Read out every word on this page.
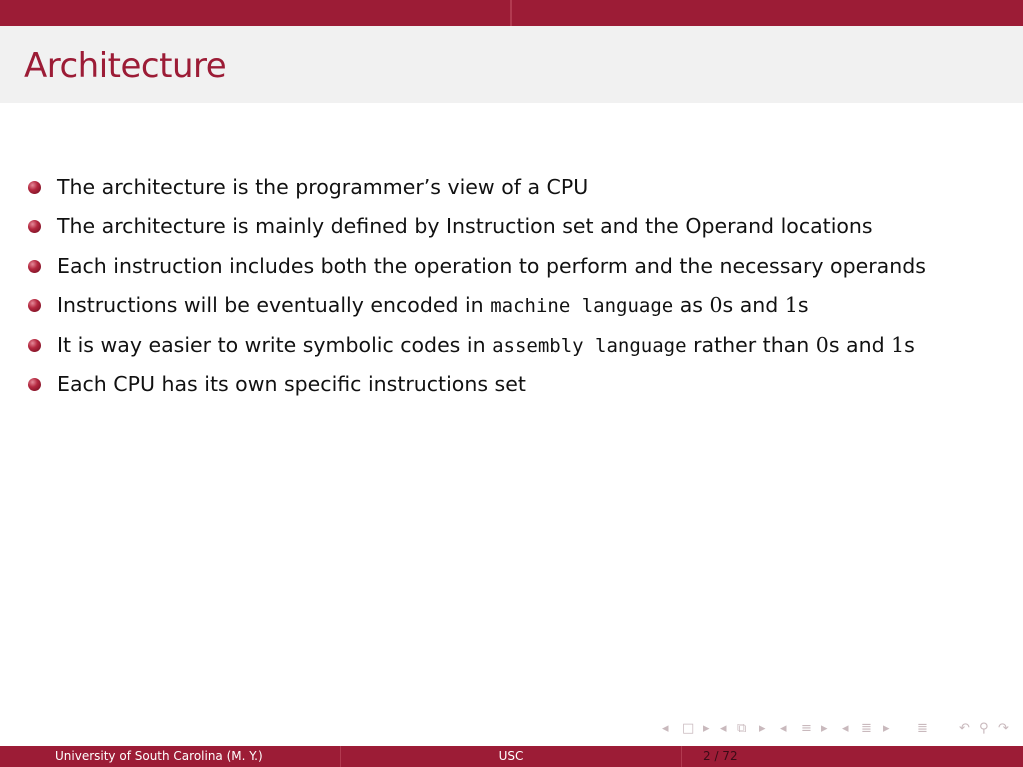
Architecture
The architecture is the programmer’s view of a CPU
The architecture is mainly defined by Instruction set and the Operand locations
Each instruction includes both the operation to perform and the necessary operands
Instructions will be eventually encoded in machine language as 0s and 1s
It is way easier to write symbolic codes in assembly language rather than 0s and 1s
Each CPU has its own specific instructions set
◂ □ ▸ ◂ ⧉ ▸ ◂ ≡ ▸ ◂ ≣ ▸ ≣ ↶ ⚲ ↷
University of South Carolina (M. Y.)	USC	2 / 72
